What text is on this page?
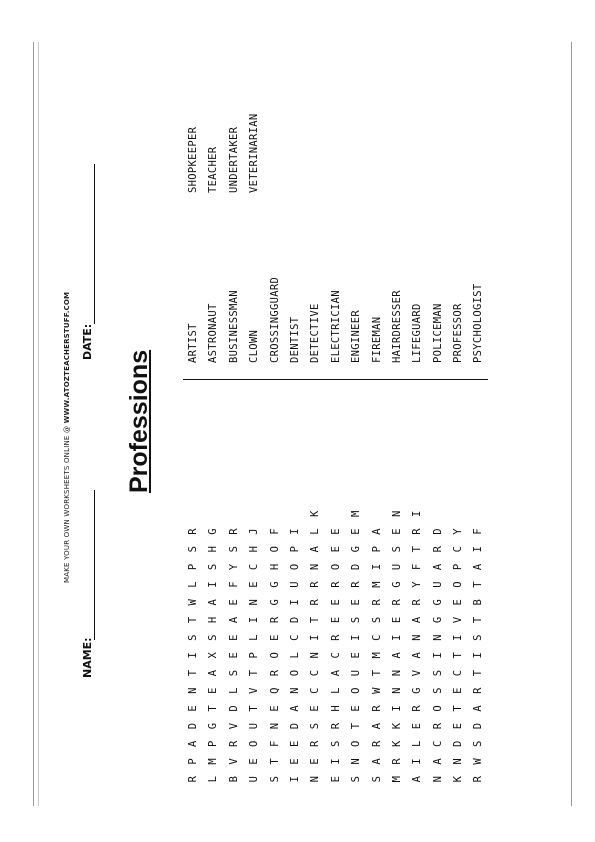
MAKE YOUR OWN WORKSHEETS ONLINE @ WWW.ATOZTEACHERSTUFF.COM
NAME:
DATE:
Professions
R
P
A
D
E
N
T
I
S
T
W
L
P
S
R
L
M
P
G
T
E
A
X
S
H
A
I
S
H
G
B
V
R
V
D
L
S
E
E
A
E
F
Y
S
R
U
E
O
U
T
V
T
P
L
I
N
E
C
H
J
S
T
F
N
E
Q
R
O
E
R
G
G
H
O
F
I
E
E
D
A
N
O
L
C
D
I
U
O
P
I
N
E
R
S
E
C
C
N
I
T
R
R
N
A
L
K
E
I
S
R
H
L
A
C
R
E
E
R
O
E
E
S
N
O
T
E
O
U
E
I
S
E
R
D
G
E
M
S
A
R
A
R
W
T
M
C
S
R
M
I
P
A
M
R
K
K
I
N
N
A
I
E
R
G
U
S
E
N
A
I
L
E
R
G
V
A
N
A
R
Y
F
T
R
I
N
A
C
R
O
S
S
I
N
G
G
U
A
R
D
K
N
D
E
T
E
C
T
I
V
E
O
P
C
Y
R
W
S
D
A
R
T
I
S
T
B
T
A
I
F
ARTIST ASTRONAUT BUSINESSMAN CLOWN CROSSINGGUARD DENTIST DETECTIVE ELECTRICIAN ENGINEER FIREMAN HAIRDRESSER LIFEGUARD POLICEMAN PROFESSOR PSYCHOLOGIST
SHOPKEEPER TEACHER UNDERTAKER VETERINARIAN
